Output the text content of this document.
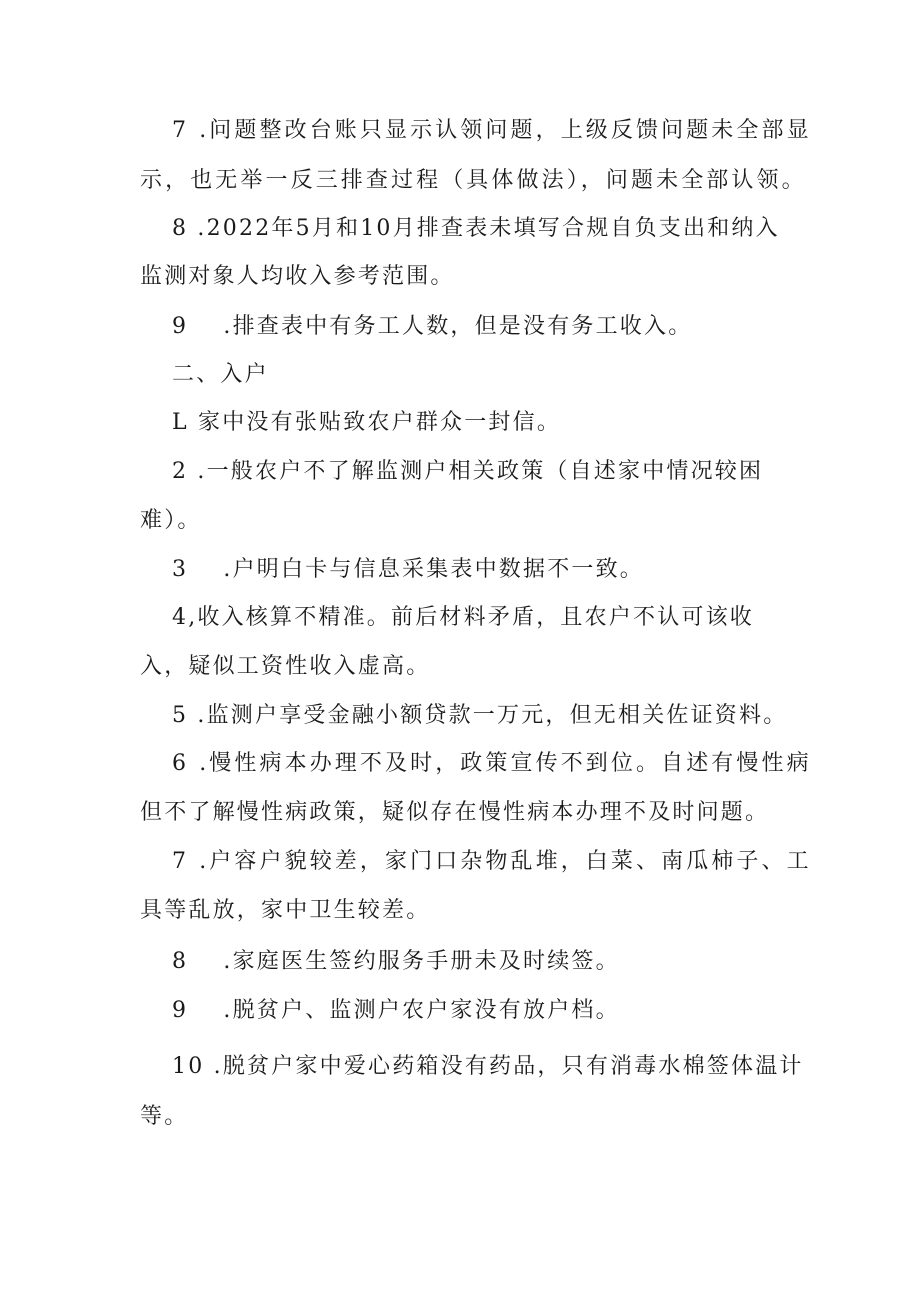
7 .问题整改台账只显示认领问题，上级反馈问题未全部显
示，也无举一反三排查过程（具体做法），问题未全部认领。
8 .2022年5月和10月排查表未填写合规自负支出和纳入
监测对象人均收入参考范围。
9 .排查表中有务工人数，但是没有务工收入。
二、入户
L 家中没有张贴致农户群众一封信。
2 .一般农户不了解监测户相关政策（自述家中情况较困
难）。
3 .户明白卡与信息采集表中数据不一致。
4,收入核算不精准。前后材料矛盾，且农户不认可该收
入，疑似工资性收入虚高。
5 .监测户享受金融小额贷款一万元，但无相关佐证资料。
6 .慢性病本办理不及时，政策宣传不到位。自述有慢性病
但不了解慢性病政策，疑似存在慢性病本办理不及时问题。
7 .户容户貌较差，家门口杂物乱堆，白菜、南瓜柿子、工
具等乱放，家中卫生较差。
8 .家庭医生签约服务手册未及时续签。
9 .脱贫户、监测户农户家没有放户档。
10 .脱贫户家中爱心药箱没有药品，只有消毒水棉签体温计
等。
